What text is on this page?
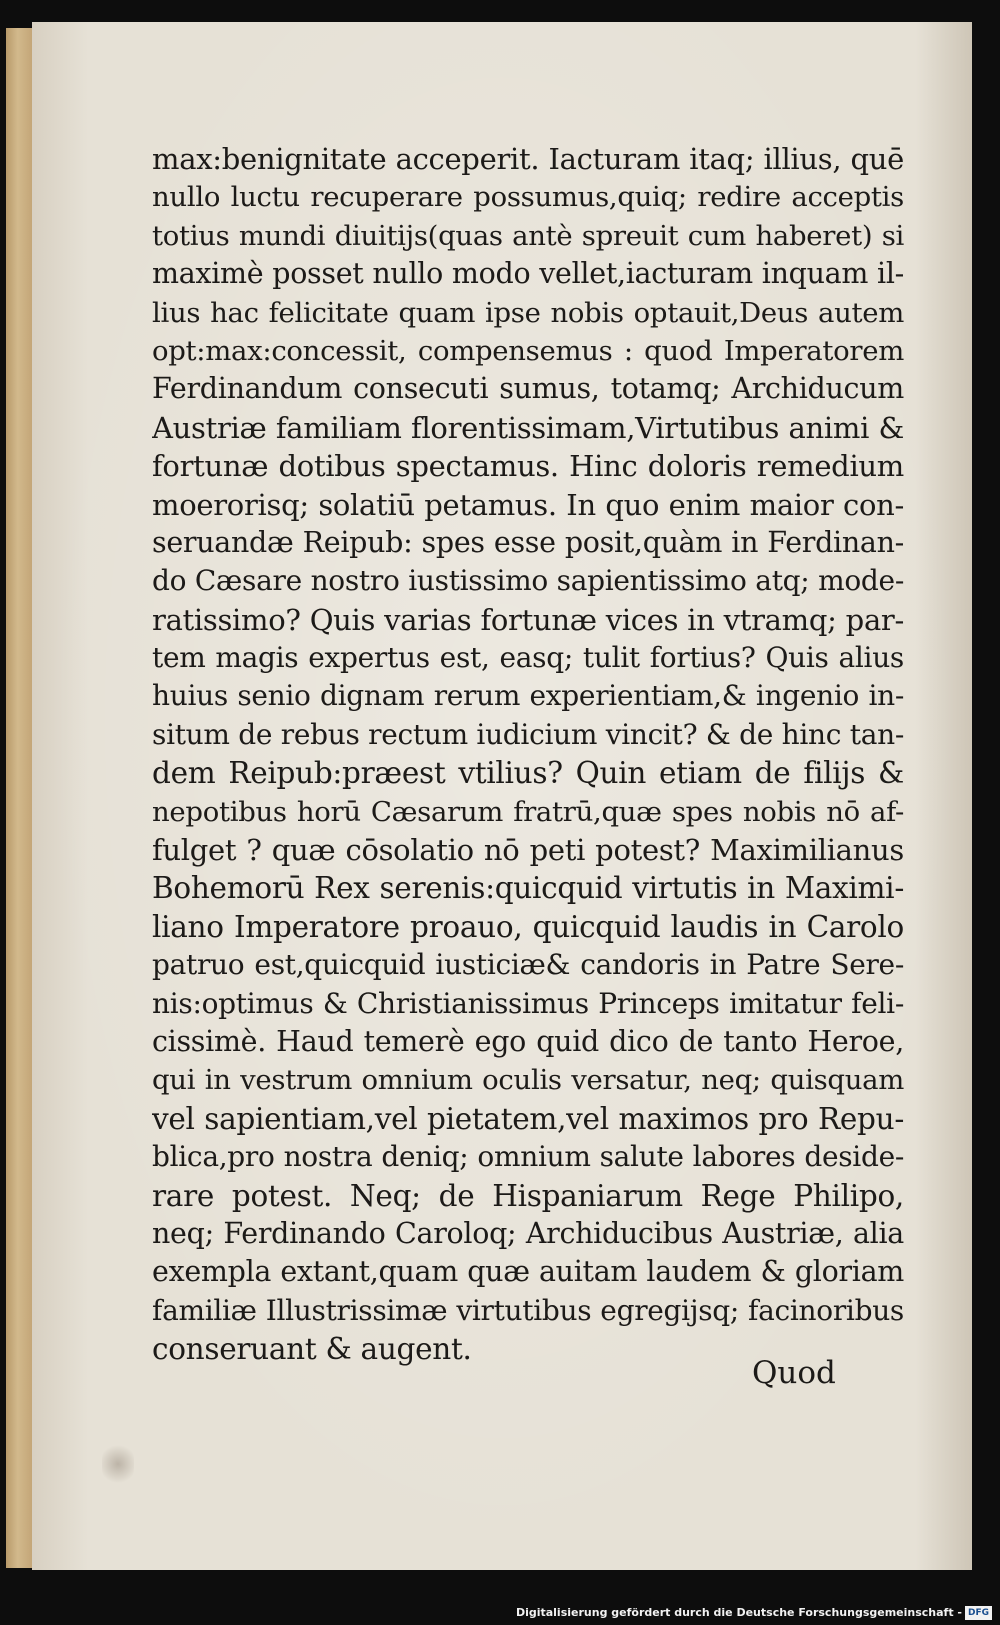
max:benignitate acceperit. Iacturam itaq; illius, quē
nullo luctu recuperare possumus,quiq; redire acceptis
totius mundi diuitijs(quas antè spreuit cum haberet) si
maximè posset nullo modo vellet,iacturam inquam il-
lius hac felicitate quam ipse nobis optauit,Deus autem
opt:max:concessit, compensemus : quod Imperatorem
Ferdinandum consecuti sumus, totamq; Archiducum
Austriæ familiam florentissimam,Virtutibus animi &
fortunæ dotibus spectamus. Hinc doloris remedium
moerorisq; solatiū petamus. In quo enim maior con-
seruandæ Reipub: spes esse posit,quàm in Ferdinan-
do Cæsare nostro iustissimo sapientissimo atq; mode-
ratissimo? Quis varias fortunæ vices in vtramq; par-
tem magis expertus est, easq; tulit fortius? Quis alius
huius senio dignam rerum experientiam,& ingenio in-
situm de rebus rectum iudicium vincit? & de hinc tan-
dem Reipub:præest vtilius? Quin etiam de filijs &
nepotibus horū Cæsarum fratrū,quæ spes nobis nō af-
fulget ? quæ cōsolatio nō peti potest? Maximilianus
Bohemorū Rex serenis:quicquid virtutis in Maximi-
liano Imperatore proauo, quicquid laudis in Carolo
patruo est,quicquid iusticiæ& candoris in Patre Sere-
nis:optimus & Christianissimus Princeps imitatur feli-
cissimè. Haud temerè ego quid dico de tanto Heroe,
qui in vestrum omnium oculis versatur, neq; quisquam
vel sapientiam,vel pietatem,vel maximos pro Repu-
blica,pro nostra deniq; omnium salute labores deside-
rare potest. Neq; de Hispaniarum Rege Philipo,
neq; Ferdinando Caroloq; Archiducibus Austriæ, alia
exempla extant,quam quæ auitam laudem & gloriam
familiæ Illustrissimæ virtutibus egregijsq; facinoribus
conseruant & augent.
Quod
Digitalisierung gefördert durch die Deutsche Forschungsgemeinschaft - DFG
